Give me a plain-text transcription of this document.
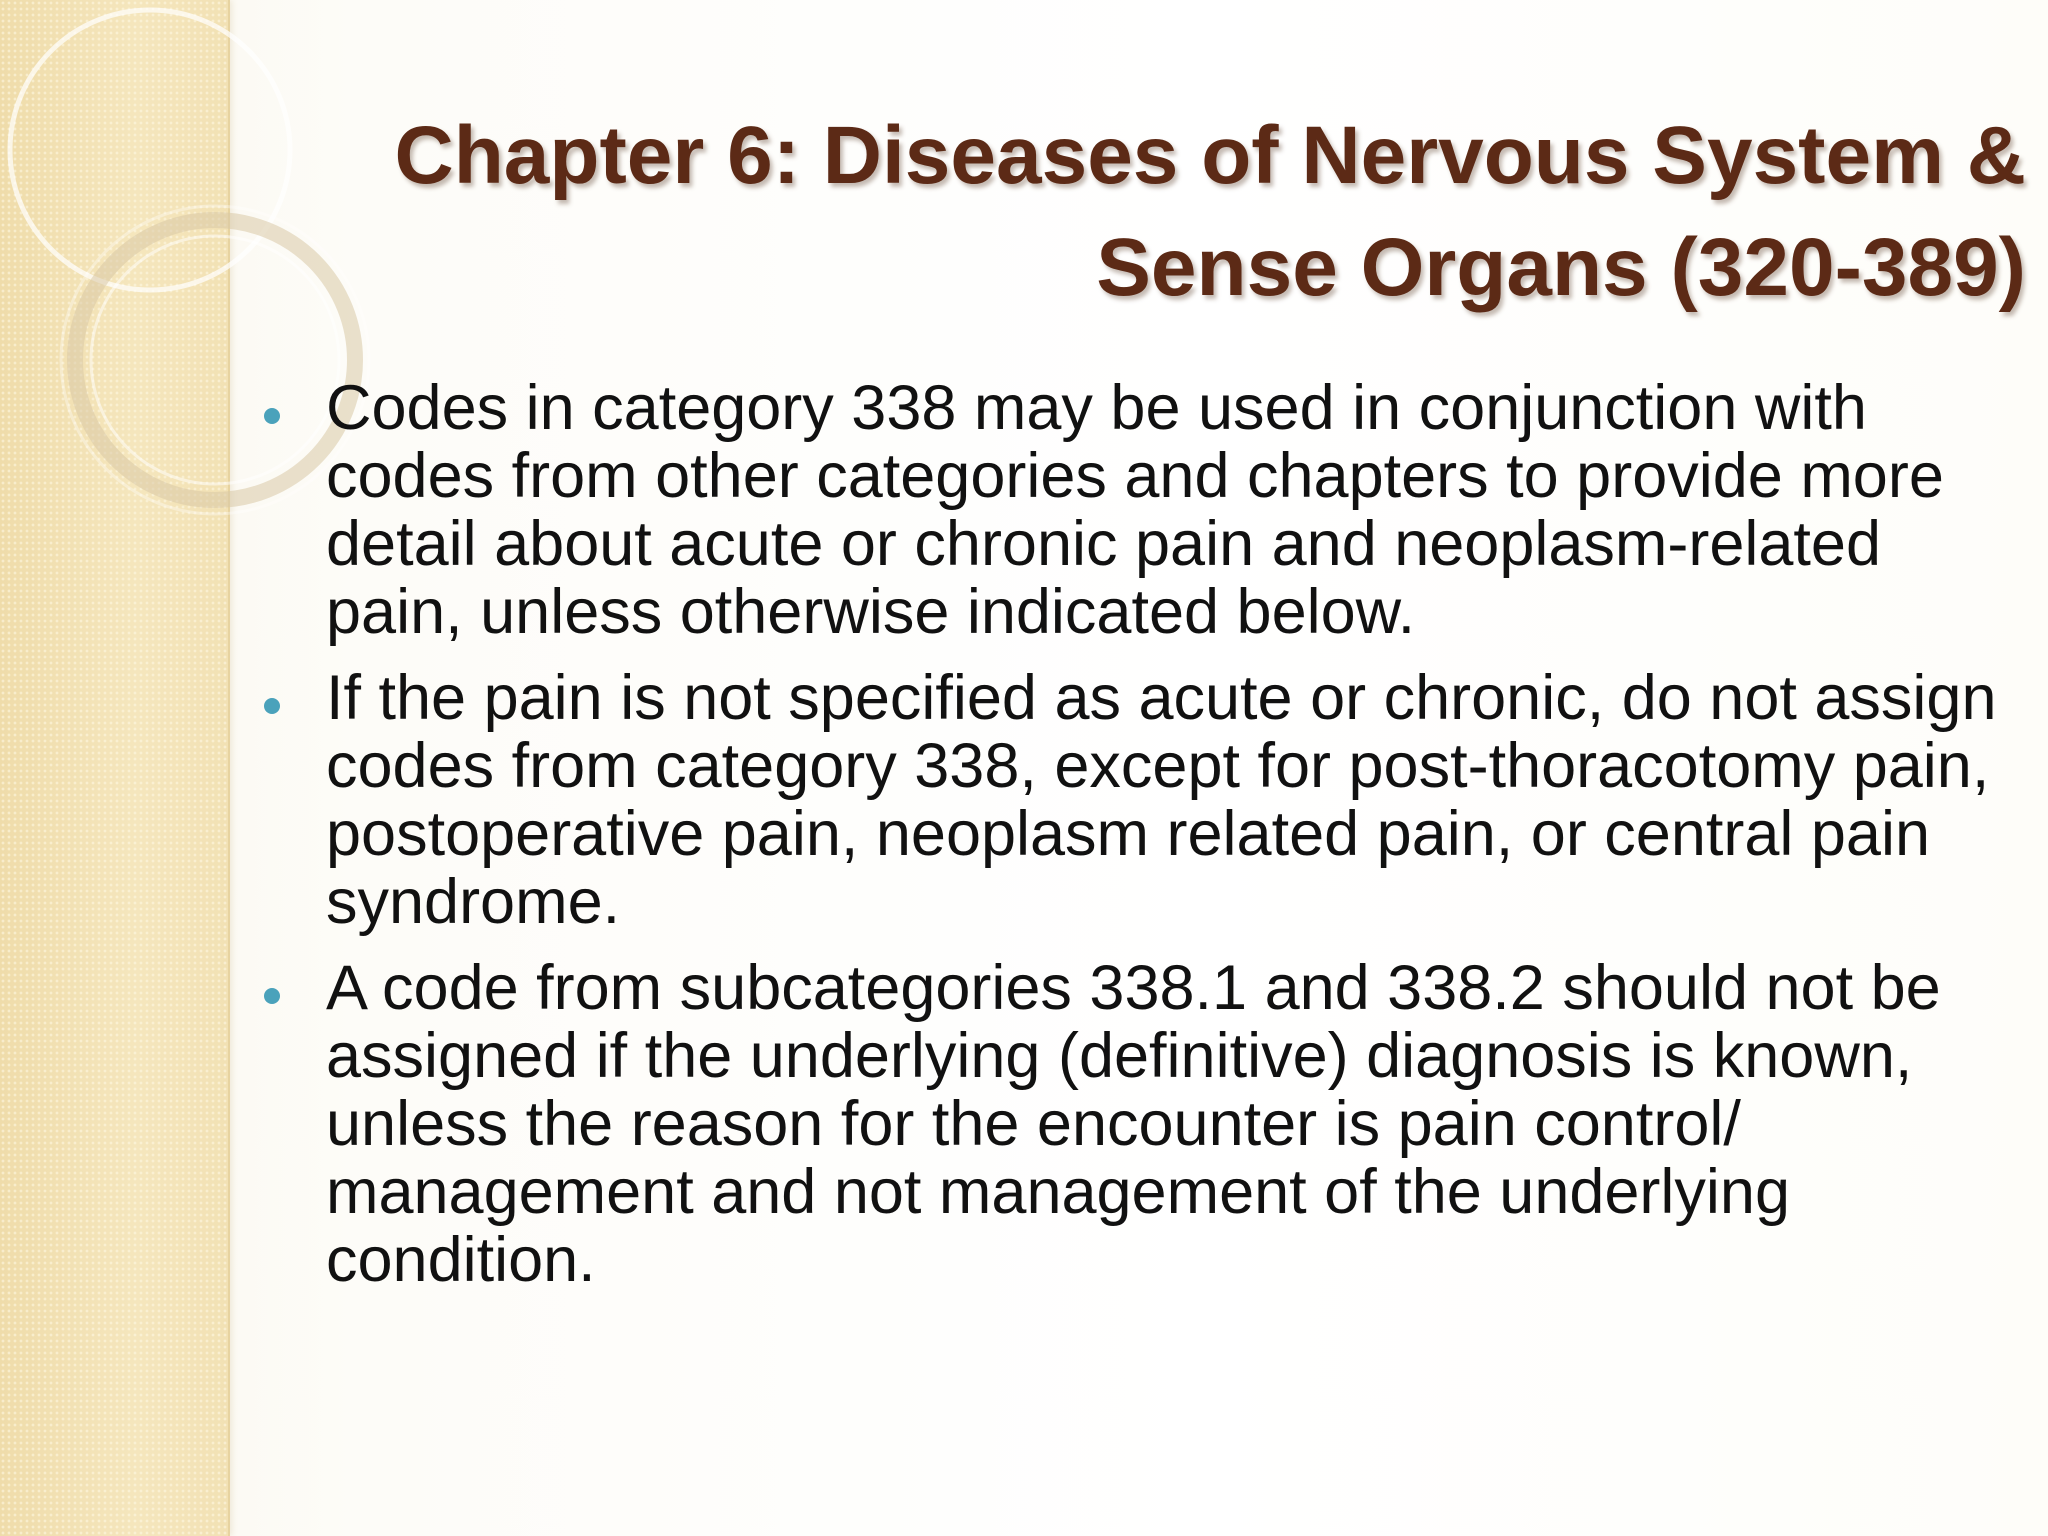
Chapter 6: Diseases of Nervous System &
Sense Organs (320-389)
Codes in category 338 may be used in conjunction with codes from other categories and chapters to provide more detail about acute or chronic pain and neoplasm-related pain, unless otherwise indicated below.
If the pain is not specified as acute or chronic, do not assign codes from category 338, except for post-thoracotomy pain, postoperative pain, neoplasm related pain, or central pain syndrome.
A code from subcategories 338.1 and 338.2 should not be assigned if the underlying (definitive) diagnosis is known, unless the reason for the encounter is pain control/ management and not management of the underlying condition.
